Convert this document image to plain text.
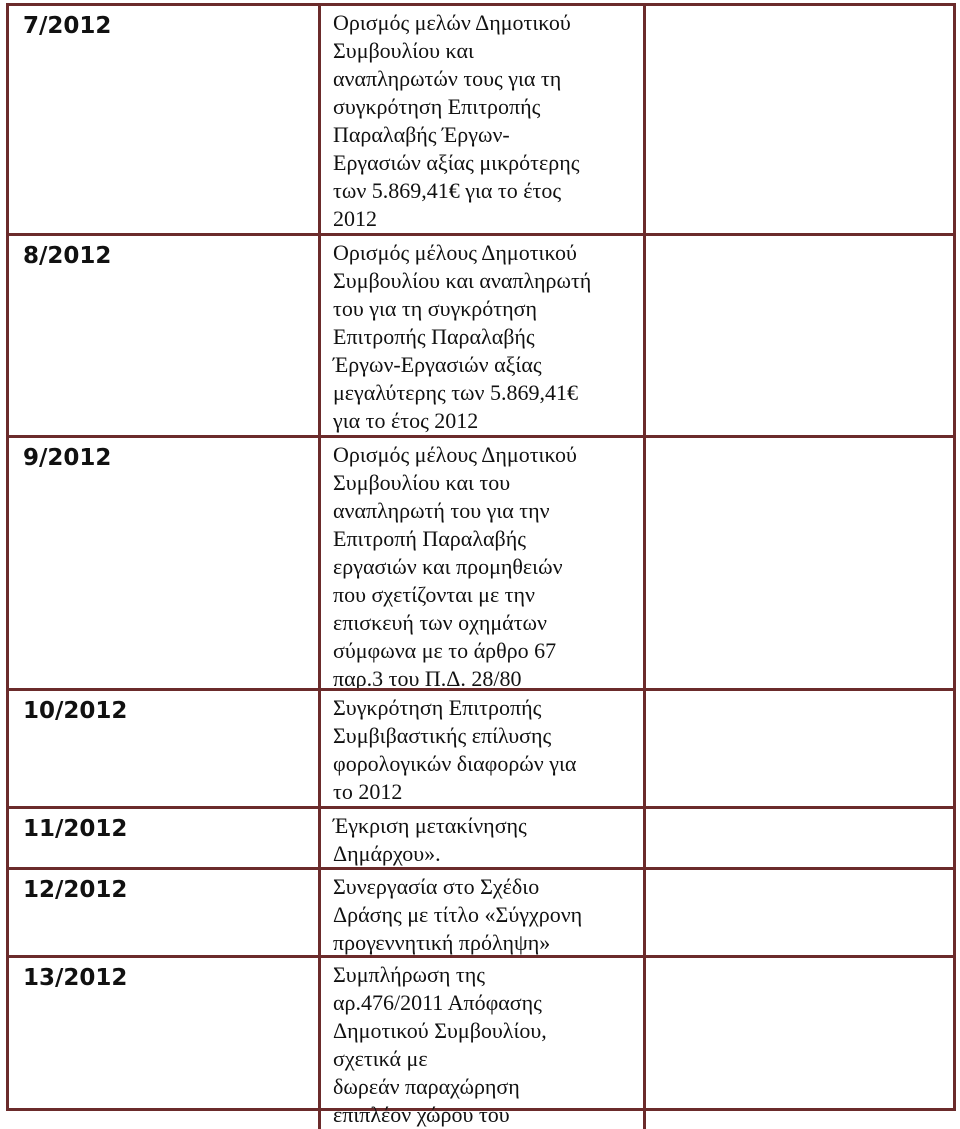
7/2012	Ορισμός μελών Δημοτικού
Συμβουλίου και
αναπληρωτών τους για τη
συγκρότηση Επιτροπής
Παραλαβής Έργων-
Εργασιών αξίας μικρότερης
των 5.869,41€ για το έτος
2012
8/2012	Ορισμός μέλους Δημοτικού
Συμβουλίου και αναπληρωτή
του για τη συγκρότηση
Επιτροπής Παραλαβής
Έργων-Εργασιών αξίας
μεγαλύτερης των 5.869,41€
για το έτος 2012
9/2012	Ορισμός μέλους Δημοτικού
Συμβουλίου και του
αναπληρωτή του για την
Επιτροπή Παραλαβής
εργασιών και προμηθειών
που σχετίζονται με την
επισκευή των οχημάτων
σύμφωνα με το άρθρο 67
παρ.3 του Π.Δ. 28/80
10/2012	Συγκρότηση Επιτροπής
Συμβιβαστικής επίλυσης
φορολογικών διαφορών για
το 2012
11/2012	Έγκριση μετακίνησης
Δημάρχου».
12/2012	Συνεργασία στο Σχέδιο
Δράσης με τίτλο «Σύγχρονη
προγεννητική πρόληψη»
13/2012	Συμπλήρωση της
αρ.476/2011 Απόφασης
Δημοτικού Συμβουλίου,
σχετικά με
δωρεάν παραχώρηση
επιπλέον χώρου του
